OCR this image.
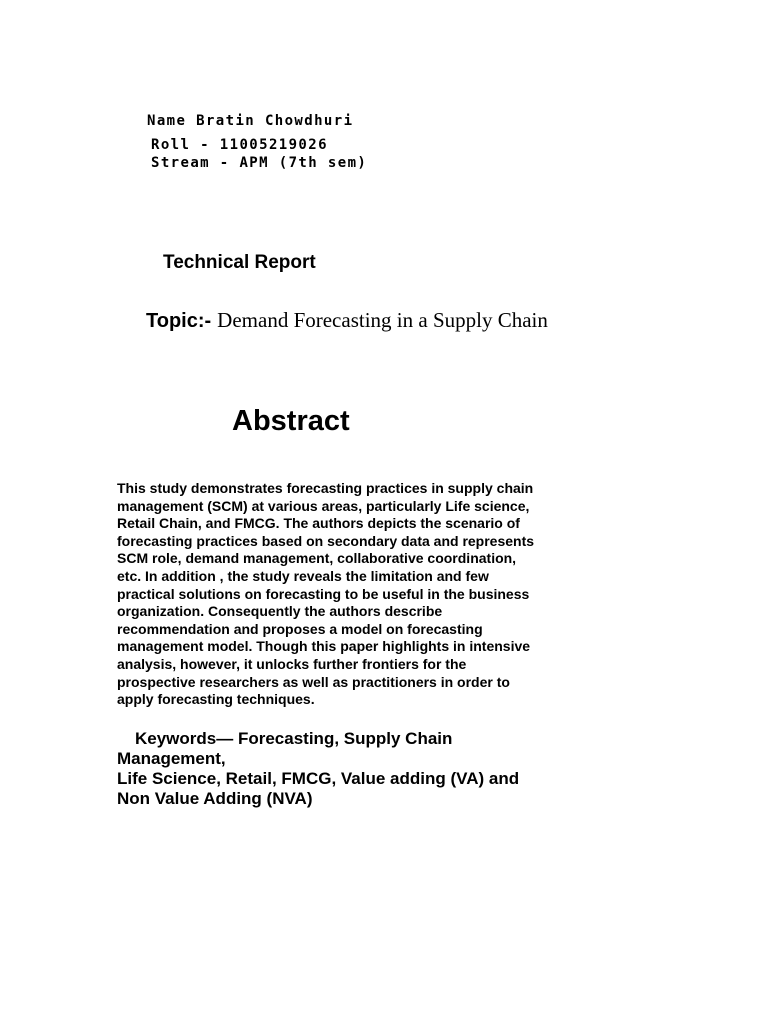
Name Bratin Chowdhuri
Roll - 11005219026
Stream - APM (7th sem)
Technical Report
Topic:- Demand Forecasting in a Supply Chain
Abstract
This study demonstrates forecasting practices in supply chain
management (SCM) at various areas, particularly Life science,
Retail Chain, and FMCG. The authors depicts the scenario of
forecasting practices based on secondary data and represents
SCM role, demand management, collaborative coordination,
etc. In addition , the study reveals the limitation and few
practical solutions on forecasting to be useful in the business
organization. Consequently the authors describe
recommendation and proposes a model on forecasting
management model. Though this paper highlights in intensive
analysis, however, it unlocks further frontiers for the
prospective researchers as well as practitioners in order to
apply forecasting techniques.
Keywords— Forecasting, Supply Chain
Management,
Life Science, Retail, FMCG, Value adding (VA) and
Non Value Adding (NVA)
